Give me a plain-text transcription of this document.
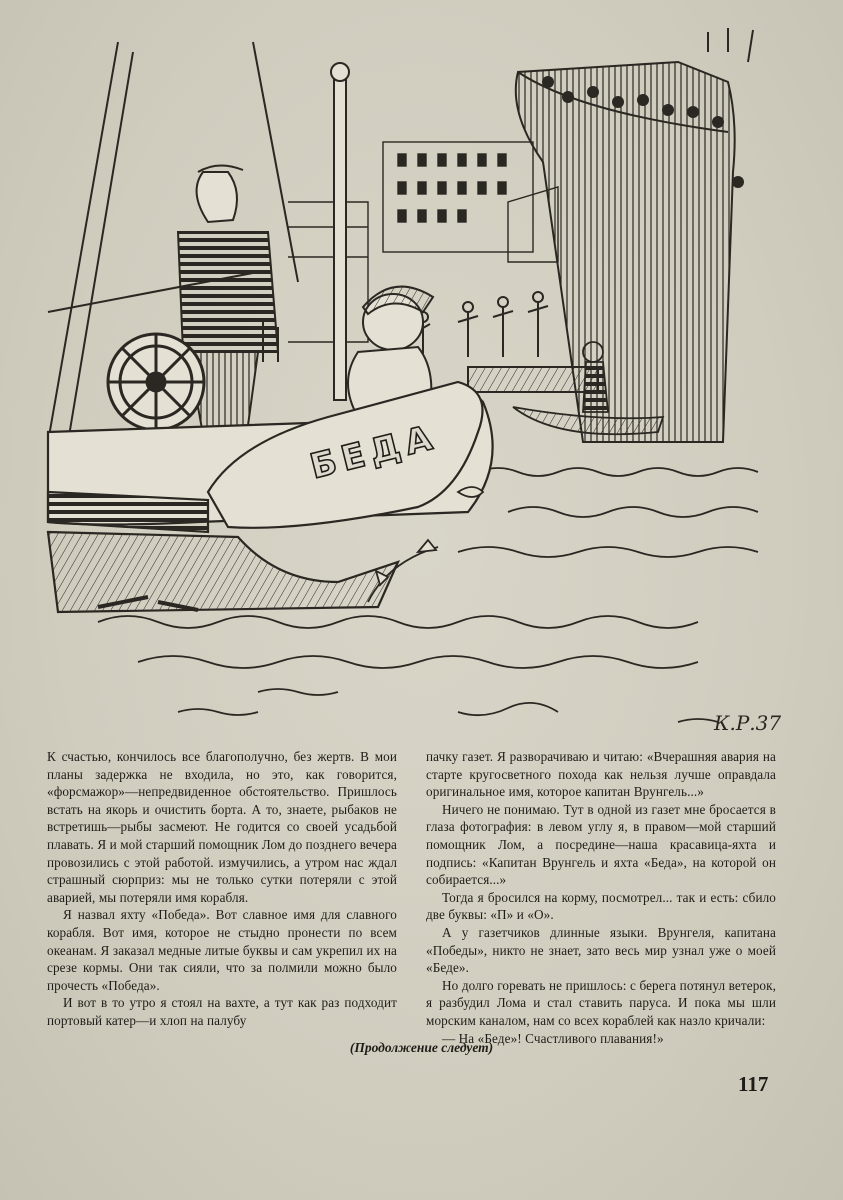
БЕДА
К.Р.37

К счастью, кончилось все благополучно, без жертв. В мои планы задержка не входила, но это, как говорится, «форсмажор»—непредвиденное обстоятельство. Пришлось встать на якорь и очистить борта. А то, знаете, рыбаков не встретишь—рыбы засмеют. Не годится со своей усадьбой плавать. Я и мой старший помощник Лом до позднего вечера провозились с этой работой. измучились, а утром нас ждал страшный сюрприз: мы не только сутки потеряли с этой аварией, мы потеряли имя корабля.

Я назвал яхту «Победа». Вот славное имя для славного корабля. Вот имя, которое не стыдно пронести по всем океанам. Я заказал медные литые буквы и сам укрепил их на срезе кормы. Они так сияли, что за полмили можно было прочесть «Победа».

И вот в то утро я стоял на вахте, а тут как раз подходит портовый катер—и хлоп на палубу

пачку газет. Я разворачиваю и читаю: «Вчерашняя авария на старте кругосветного похода как нельзя лучше оправдала оригинальное имя, которое капитан Врунгель...»

Ничего не понимаю. Тут в одной из газет мне бросается в глаза фотография: в левом углу я, в правом—мой старший помощник Лом, а посредине—наша красавица-яхта и подпись: «Капитан Врунгель и яхта «Беда», на которой он собирается...»

Тогда я бросился на корму, посмотрел... так и есть: сбило две буквы: «П» и «О».

А у газетчиков длинные языки. Врунгеля, капитана «Победы», никто не знает, зато весь мир узнал уже о моей «Беде».

Но долго горевать не пришлось: с берега потянул ветерок, я разбудил Лома и стал ставить паруса. И пока мы шли морским каналом, нам со всех кораблей как назло кричали:

— На «Беде»! Счастливого плавания!»

(Продолжение следует)
117
